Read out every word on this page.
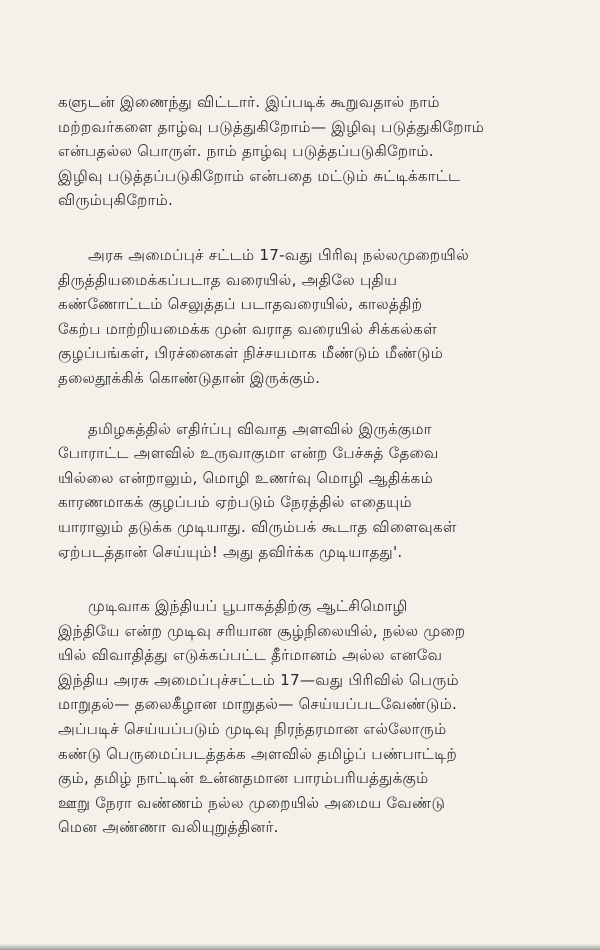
களுடன் இணைந்து விட்டார். இப்படிக் கூறுவதால் நாம்
மற்றவர்களை தாழ்வு படுத்துகிறோம்— இழிவு படுத்துகிறோம்
என்பதல்ல பொருள். நாம் தாழ்வு படுத்தப்படுகிறோம்.
இழிவு படுத்தப்படுகிறோம் என்பதை மட்டும் சுட்டிக்காட்ட
விரும்புகிறோம்.

அரசு அமைப்புச் சட்டம் 17-வது பிரிவு நல்லமுறையில்
திருத்தியமைக்கப்படாத வரையில், அதிலே புதிய
கண்ணோட்டம் செலுத்தப் படாதவரையில், காலத்திற்
கேற்ப மாற்றியமைக்க முன் வராத வரையில் சிக்கல்கள்
குழப்பங்கள், பிரச்னைகள் நிச்சயமாக மீண்டும் மீண்டும்
தலைதூக்கிக் கொண்டுதான் இருக்கும்.

தமிழகத்தில் எதிர்ப்பு விவாத அளவில் இருக்குமா
போராட்ட அளவில் உருவாகுமா என்ற பேச்சுத் தேவை
யில்லை என்றாலும், மொழி உணர்வு மொழி ஆதிக்கம்
காரணமாகக் குழப்பம் ஏற்படும் நேரத்தில் எதையும்
யாராலும் தடுக்க முடியாது. விரும்பக் கூடாத விளைவுகள்
ஏற்படத்தான் செய்யும்! அது தவிர்க்க முடியாதது'.

முடிவாக இந்தியப் பூபாகத்திற்கு ஆட்சிமொழி
இந்தியே என்ற முடிவு சரியான சூழ்நிலையில், நல்ல முறை
யில் விவாதித்து எடுக்கப்பட்ட தீர்மானம் அல்ல எனவே
இந்திய அரசு அமைப்புச்சட்டம் 17—வது பிரிவில் பெரும்
மாறுதல்— தலைகீழான மாறுதல்— செய்யப்படவேண்டும்.
அப்படிச் செய்யப்படும் முடிவு நிரந்தரமான எல்லோரும்
கண்டு பெருமைப்படத்தக்க அளவில் தமிழ்ப் பண்பாட்டிற்
கும், தமிழ் நாட்டின் உன்னதமான பாரம்பரியத்துக்கும்
ஊறு நேரா வண்ணம் நல்ல முறையில் அமைய வேண்டு
மென அண்ணா வலியுறுத்தினர்.
